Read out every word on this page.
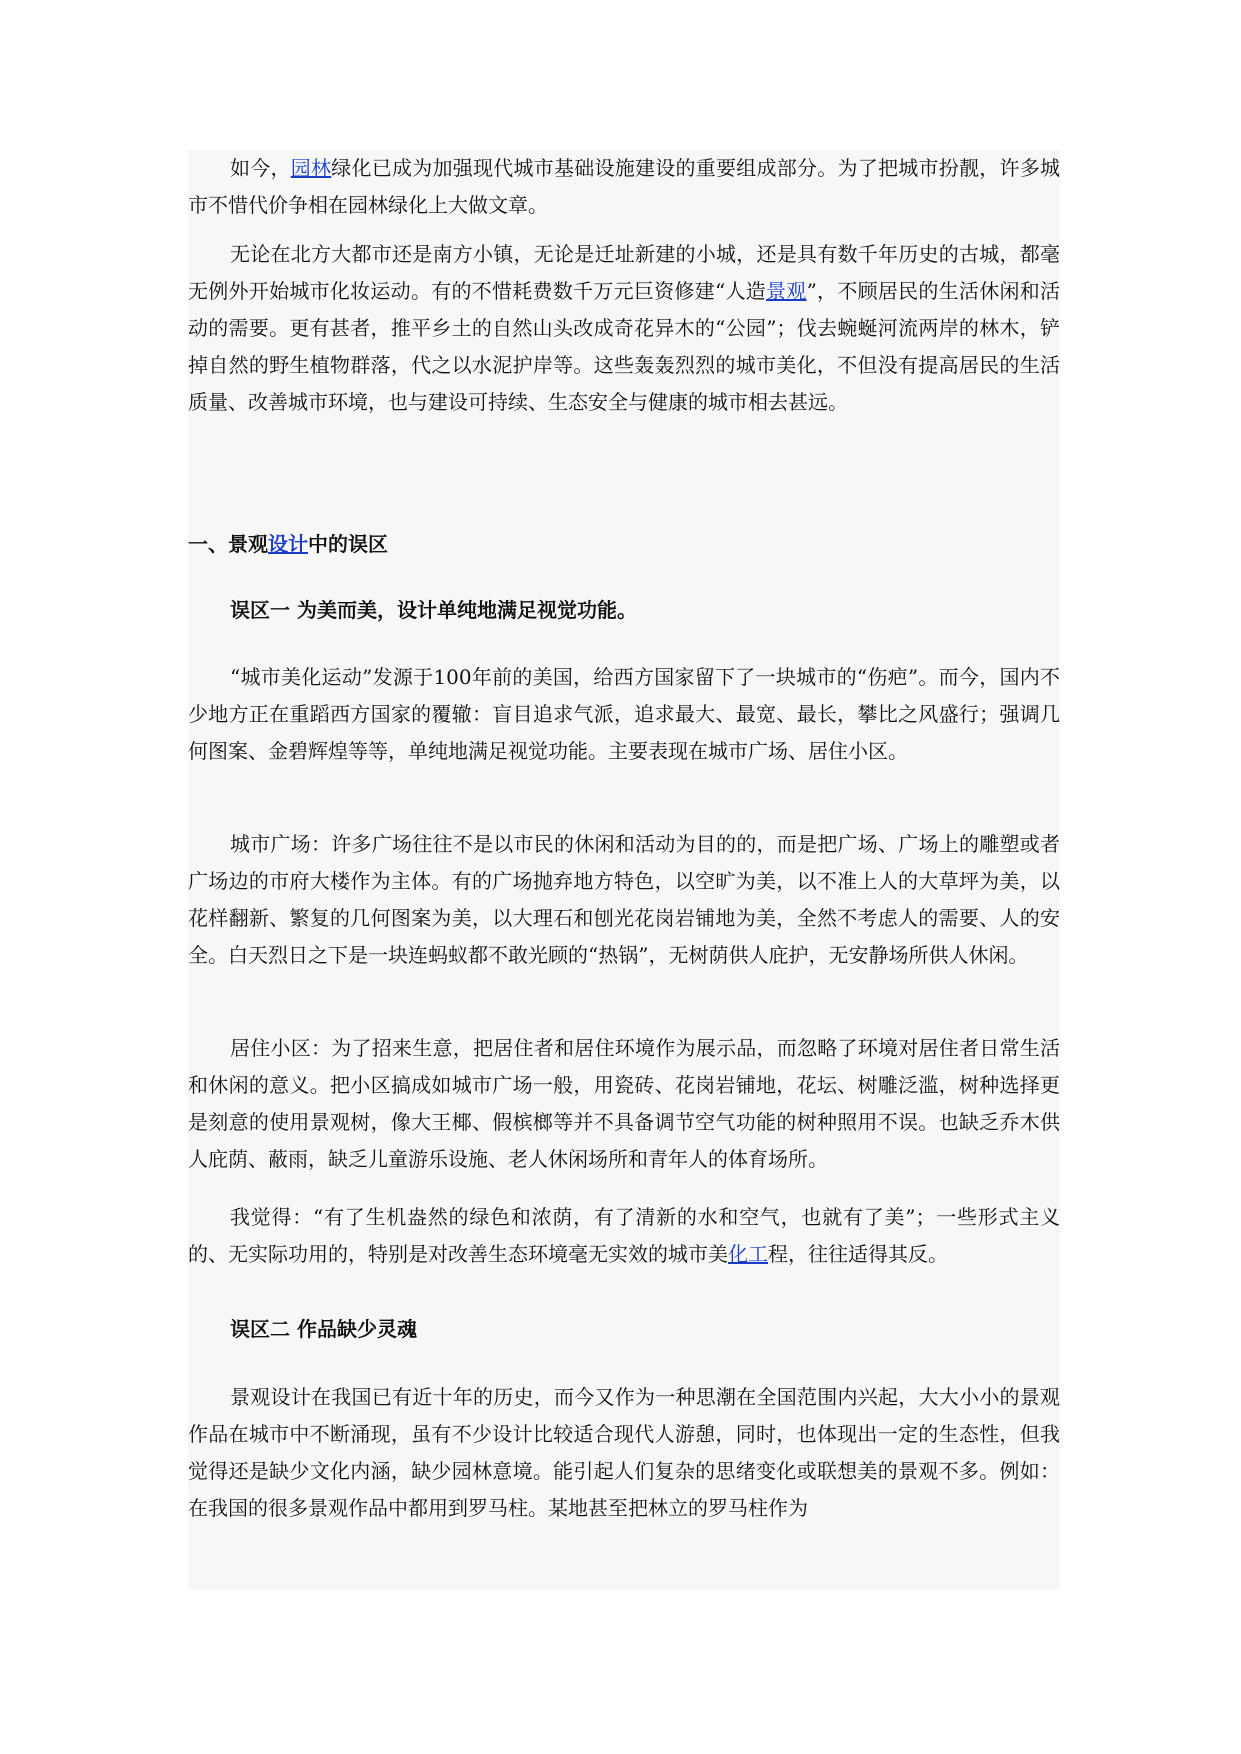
如今，园林绿化已成为加强现代城市基础设施建设的重要组成部分。为了把城市扮靓，许多城市不惜代价争相在园林绿化上大做文章。

无论在北方大都市还是南方小镇，无论是迁址新建的小城，还是具有数千年历史的古城，都毫无例外开始城市化妆运动。有的不惜耗费数千万元巨资修建“人造景观”，不顾居民的生活休闲和活动的需要。更有甚者，推平乡土的自然山头改成奇花异木的“公园”；伐去蜿蜒河流两岸的林木，铲掉自然的野生植物群落，代之以水泥护岸等。这些轰轰烈烈的城市美化，不但没有提高居民的生活质量、改善城市环境，也与建设可持续、生态安全与健康的城市相去甚远。

一、景观设计中的误区

误区一 为美而美，设计单纯地满足视觉功能。

“城市美化运动”发源于100年前的美国，给西方国家留下了一块城市的“伤疤”。而今，国内不少地方正在重蹈西方国家的覆辙：盲目追求气派，追求最大、最宽、最长，攀比之风盛行；强调几何图案、金碧辉煌等等，单纯地满足视觉功能。主要表现在城市广场、居住小区。

城市广场：许多广场往往不是以市民的休闲和活动为目的的，而是把广场、广场上的雕塑或者广场边的市府大楼作为主体。有的广场抛弃地方特色，以空旷为美，以不准上人的大草坪为美，以花样翻新、繁复的几何图案为美，以大理石和刨光花岗岩铺地为美，全然不考虑人的需要、人的安全。白天烈日之下是一块连蚂蚁都不敢光顾的“热锅”，无树荫供人庇护，无安静场所供人休闲。

居住小区：为了招来生意，把居住者和居住环境作为展示品，而忽略了环境对居住者日常生活和休闲的意义。把小区搞成如城市广场一般，用瓷砖、花岗岩铺地，花坛、树雕泛滥，树种选择更是刻意的使用景观树，像大王椰、假槟榔等并不具备调节空气功能的树种照用不误。也缺乏乔木供人庇荫、蔽雨，缺乏儿童游乐设施、老人休闲场所和青年人的体育场所。

我觉得：“有了生机盎然的绿色和浓荫，有了清新的水和空气，也就有了美”；一些形式主义的、无实际功用的，特别是对改善生态环境毫无实效的城市美化工程，往往适得其反。

误区二 作品缺少灵魂

景观设计在我国已有近十年的历史，而今又作为一种思潮在全国范围内兴起，大大小小的景观作品在城市中不断涌现，虽有不少设计比较适合现代人游憩，同时，也体现出一定的生态性，但我觉得还是缺少文化内涵，缺少园林意境。能引起人们复杂的思绪变化或联想美的景观不多。例如：在我国的很多景观作品中都用到罗马柱。某地甚至把林立的罗马柱作为
